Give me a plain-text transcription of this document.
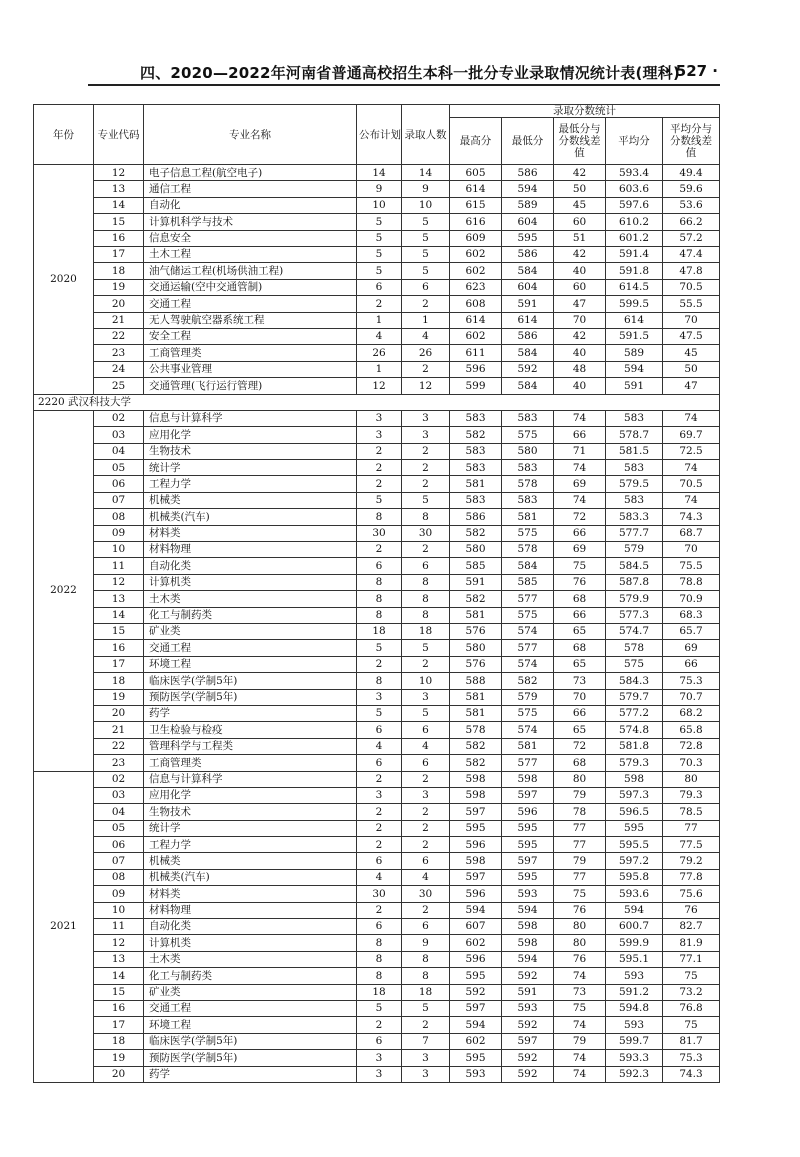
四、2020—2022年河南省普通高校招生本科一批分专业录取情况统计表(理科)
· 527 ·
年份	专业代码	专业名称	公布计划	录取人数	录取分数统计				
					最高分	最低分	最低分与分数线差值	平均分	平均分与分数线差值
2020	12	电子信息工程(航空电子)	14	14	605	586	42	593.4	49.4
	13	通信工程	9	9	614	594	50	603.6	59.6
	14	自动化	10	10	615	589	45	597.6	53.6
	15	计算机科学与技术	5	5	616	604	60	610.2	66.2
	16	信息安全	5	5	609	595	51	601.2	57.2
	17	土木工程	5	5	602	586	42	591.4	47.4
	18	油气储运工程(机场供油工程)	5	5	602	584	40	591.8	47.8
	19	交通运输(空中交通管制)	6	6	623	604	60	614.5	70.5
	20	交通工程	2	2	608	591	47	599.5	55.5
	21	无人驾驶航空器系统工程	1	1	614	614	70	614	70
	22	安全工程	4	4	602	586	42	591.5	47.5
	23	工商管理类	26	26	611	584	40	589	45
	24	公共事业管理	1	2	596	592	48	594	50
	25	交通管理(飞行运行管理)	12	12	599	584	40	591	47
2220 武汉科技大学									
2022	02	信息与计算科学	3	3	583	583	74	583	74
	03	应用化学	3	3	582	575	66	578.7	69.7
	04	生物技术	2	2	583	580	71	581.5	72.5
	05	统计学	2	2	583	583	74	583	74
	06	工程力学	2	2	581	578	69	579.5	70.5
	07	机械类	5	5	583	583	74	583	74
	08	机械类(汽车)	8	8	586	581	72	583.3	74.3
	09	材料类	30	30	582	575	66	577.7	68.7
	10	材料物理	2	2	580	578	69	579	70
	11	自动化类	6	6	585	584	75	584.5	75.5
	12	计算机类	8	8	591	585	76	587.8	78.8
	13	土木类	8	8	582	577	68	579.9	70.9
	14	化工与制药类	8	8	581	575	66	577.3	68.3
	15	矿业类	18	18	576	574	65	574.7	65.7
	16	交通工程	5	5	580	577	68	578	69
	17	环境工程	2	2	576	574	65	575	66
	18	临床医学(学制5年)	8	10	588	582	73	584.3	75.3
	19	预防医学(学制5年)	3	3	581	579	70	579.7	70.7
	20	药学	5	5	581	575	66	577.2	68.2
	21	卫生检验与检疫	6	6	578	574	65	574.8	65.8
	22	管理科学与工程类	4	4	582	581	72	581.8	72.8
	23	工商管理类	6	6	582	577	68	579.3	70.3
2021	02	信息与计算科学	2	2	598	598	80	598	80
	03	应用化学	3	3	598	597	79	597.3	79.3
	04	生物技术	2	2	597	596	78	596.5	78.5
	05	统计学	2	2	595	595	77	595	77
	06	工程力学	2	2	596	595	77	595.5	77.5
	07	机械类	6	6	598	597	79	597.2	79.2
	08	机械类(汽车)	4	4	597	595	77	595.8	77.8
	09	材料类	30	30	596	593	75	593.6	75.6
	10	材料物理	2	2	594	594	76	594	76
	11	自动化类	6	6	607	598	80	600.7	82.7
	12	计算机类	8	9	602	598	80	599.9	81.9
	13	土木类	8	8	596	594	76	595.1	77.1
	14	化工与制药类	8	8	595	592	74	593	75
	15	矿业类	18	18	592	591	73	591.2	73.2
	16	交通工程	5	5	597	593	75	594.8	76.8
	17	环境工程	2	2	594	592	74	593	75
	18	临床医学(学制5年)	6	7	602	597	79	599.7	81.7
	19	预防医学(学制5年)	3	3	595	592	74	593.3	75.3
	20	药学	3	3	593	592	74	592.3	74.3
